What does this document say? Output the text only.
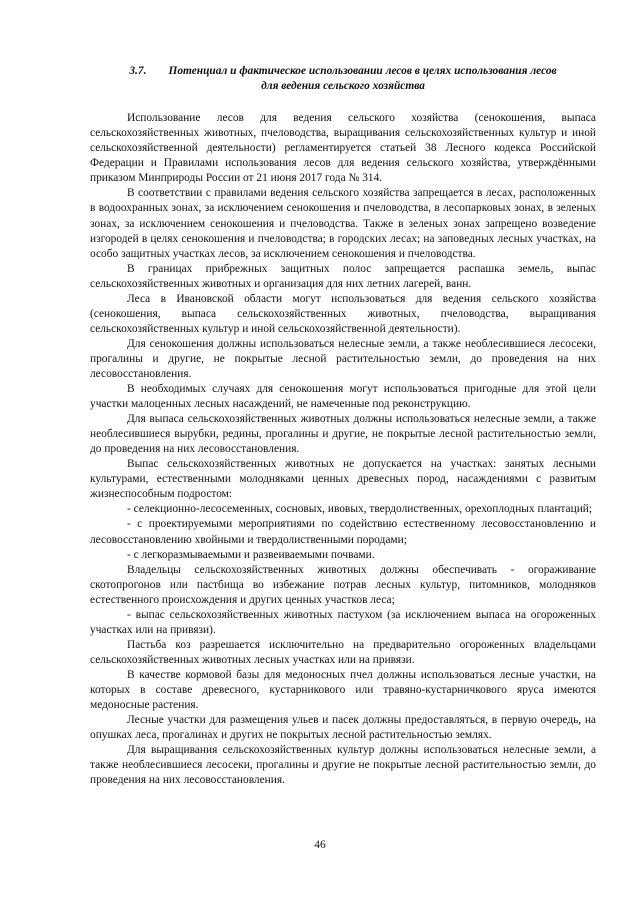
3.7. Потенциал и фактическое использовании лесов в целях использования лесов
для ведения сельского хозяйства

Использование лесов для ведения сельского хозяйства (сенокошения, выпаса сельскохозяйственных животных, пчеловодства, выращивания сельскохозяйственных культур и иной сельскохозяйственной деятельности) регламентируется статьей 38 Лесного кодекса Российской Федерации и Правилами использования лесов для ведения сельского хозяйства, утверждёнными приказом Минприроды России от 21 июня 2017 года № 314.

В соответствии с правилами ведения сельского хозяйства запрещается в лесах, расположенных в водоохранных зонах, за исключением сенокошения и пчеловодства, в лесопарковых зонах, в зеленых зонах, за исключением сенокошения и пчеловодства. Также в зеленых зонах запрещено возведение изгородей в целях сенокошения и пчеловодства; в городских лесах; на заповедных лесных участках, на особо защитных участках лесов, за исключением сенокошения и пчеловодства.

В границах прибрежных защитных полос запрещается распашка земель, выпас сельскохозяйственных животных и организация для них летних лагерей, ванн.

Леса в Ивановской области могут использоваться для ведения сельского хозяйства (сенокошения, выпаса сельскохозяйственных животных, пчеловодства, выращивания сельскохозяйственных культур и иной сельскохозяйственной деятельности).

Для сенокошения должны использоваться нелесные земли, а также необлесившиеся лесосеки, прогалины и другие, не покрытые лесной растительностью земли, до проведения на них лесовосстановления.

В необходимых случаях для сенокошения могут использоваться пригодные для этой цели участки малоценных лесных насаждений, не намеченные под реконструкцию.

Для выпаса сельскохозяйственных животных должны использоваться нелесные земли, а также необлесившиеся вырубки, редины, прогалины и другие, не покрытые лесной растительностью земли, до проведения на них лесовосстановления.

Выпас сельскохозяйственных животных не допускается на участках: занятых лесными культурами, естественными молодняками ценных древесных пород, насаждениями с развитым жизнеспособным подростом:

- селекционно-лесосеменных, сосновых, ивовых, твердолиственных, орехоплодных плантаций;

- с проектируемыми мероприятиями по содействию естественному лесовосстановлению и лесовосстановлению хвойными и твердолиственными породами;

- с легкоразмываемыми и развеиваемыми почвами.

Владельцы сельскохозяйственных животных должны обеспечивать - огораживание скотопрогонов или пастбища во избежание потрав лесных культур, питомников, молодняков естественного происхождения и других ценных участков леса;

- выпас сельскохозяйственных животных пастухом (за исключением выпаса на огороженных участках или на привязи).

Пастьба коз разрешается исключительно на предварительно огороженных владельцами сельскохозяйственных животных лесных участках или на привязи.

В качестве кормовой базы для медоносных пчел должны использоваться лесные участки, на которых в составе древесного, кустарникового или травяно-кустарничкового яруса имеются медоносные растения.

Лесные участки для размещения ульев и пасек должны предоставляться, в первую очередь, на опушках леса, прогалинах и других не покрытых лесной растительностью землях.

Для выращивания сельскохозяйственных культур должны использоваться нелесные земли, а также необлесившиеся лесосеки, прогалины и другие не покрытые лесной растительностью земли, до проведения на них лесовосстановления.

46
